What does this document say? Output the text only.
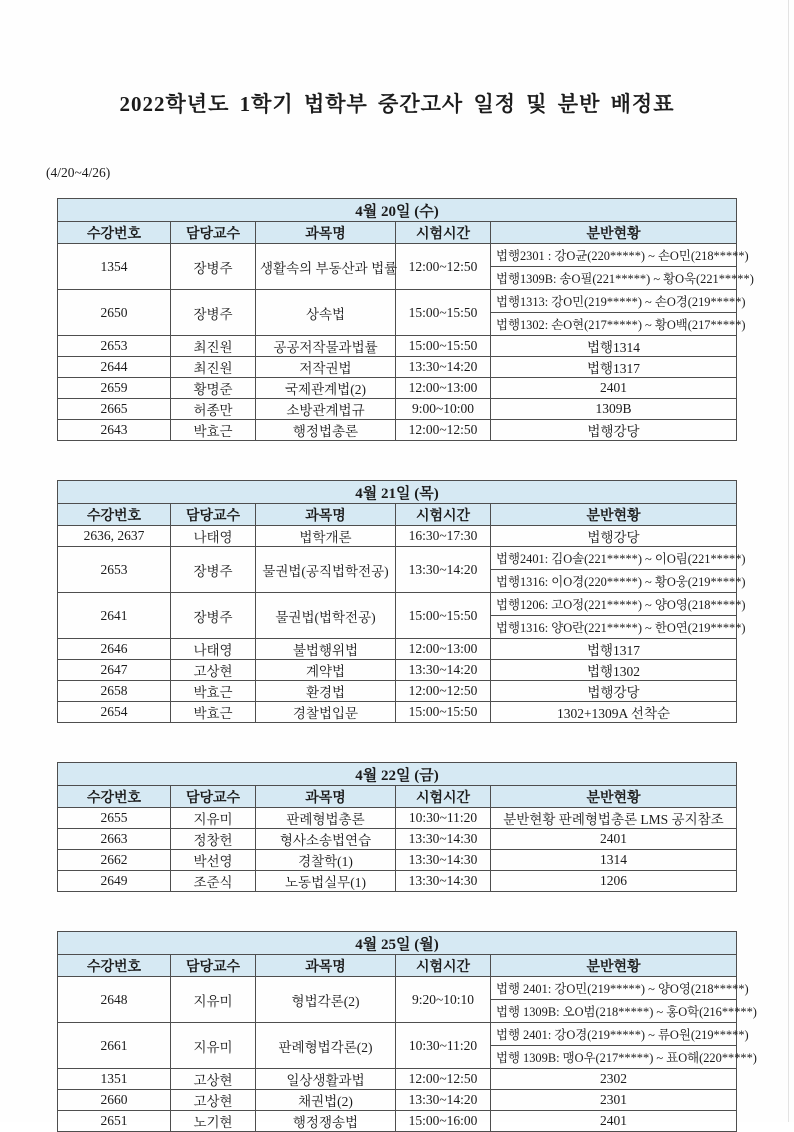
2022학년도 1학기 법학부 중간고사 일정 및 분반 배정표
(4/20~4/26)
4월 20일 (수)				
수강번호	담당교수	과목명	시험시간	분반현황
1354	장병주	생활속의 부동산과 법률	12:00~12:50	법행2301 : 강O균(220*****) ~ 손O민(218*****)
				법행1309B: 송O필(221*****) ~ 황O욱(221*****)
2650	장병주	상속법	15:00~15:50	법행1313: 강O민(219*****) ~ 손O경(219*****)
				법행1302: 손O현(217*****) ~ 황O백(217*****)
2653	최진원	공공저작물과법률	15:00~15:50	법행1314
2644	최진원	저작권법	13:30~14:20	법행1317
2659	황명준	국제관계법(2)	12:00~13:00	2401
2665	허종만	소방관계법규	9:00~10:00	1309B
2643	박효근	행정법총론	12:00~12:50	법행강당
4월 21일 (목)				
수강번호	담당교수	과목명	시험시간	분반현황
2636, 2637	나태영	법학개론	16:30~17:30	법행강당
2653	장병주	물권법(공직법학전공)	13:30~14:20	법행2401: 김O솔(221*****) ~ 이O림(221*****)
				법행1316: 이O경(220*****) ~ 황O웅(219*****)
2641	장병주	물권법(법학전공)	15:00~15:50	법행1206: 고O정(221*****) ~ 양O영(218*****)
				법행1316: 양O란(221*****) ~ 한O연(219*****)
2646	나태영	불법행위법	12:00~13:00	법행1317
2647	고상현	계약법	13:30~14:20	법행1302
2658	박효근	환경법	12:00~12:50	법행강당
2654	박효근	경찰법입문	15:00~15:50	1302+1309A 선착순
4월 22일 (금)				
수강번호	담당교수	과목명	시험시간	분반현황
2655	지유미	판례형법총론	10:30~11:20	분반현황 판례형법총론 LMS 공지참조
2663	정창헌	형사소송법연습	13:30~14:30	2401
2662	박선영	경찰학(1)	13:30~14:30	1314
2649	조준식	노동법실무(1)	13:30~14:30	1206
4월 25일 (월)				
수강번호	담당교수	과목명	시험시간	분반현황
2648	지유미	형법각론(2)	9:20~10:10	법행 2401: 강O민(219*****) ~ 양O영(218*****)
				법행 1309B: 오O범(218*****) ~ 홍O학(216*****)
2661	지유미	판례형법각론(2)	10:30~11:20	법행 2401: 강O경(219*****) ~ 류O원(219*****)
				법행 1309B: 맹O우(217*****) ~ 표O해(220*****)
1351	고상현	일상생활과법	12:00~12:50	2302
2660	고상현	채권법(2)	13:30~14:20	2301
2651	노기현	행정쟁송법	15:00~16:00	2401
